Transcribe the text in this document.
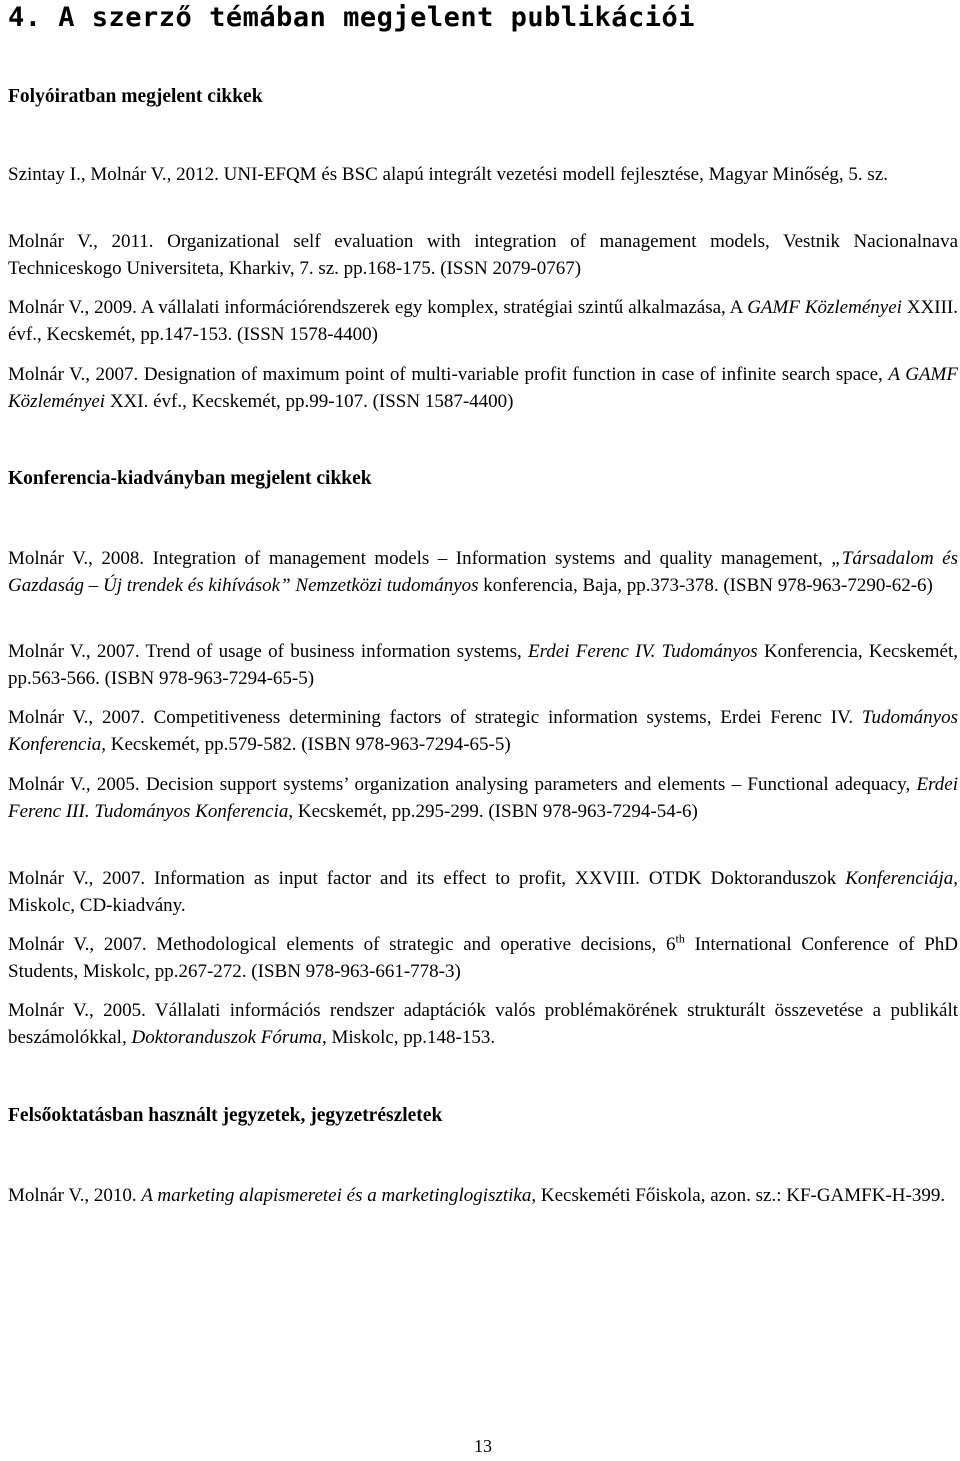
4. A szerző témában megjelent publikációi
Folyóiratban megjelent cikkek
Szintay I., Molnár V., 2012. UNI-EFQM és BSC alapú integrált vezetési modell fejlesztése, Magyar Minőség, 5. sz.
Molnár V., 2011. Organizational self evaluation with integration of management models, Vestnik Nacionalnava Techniceskogo Universiteta, Kharkiv, 7. sz. pp.168-175. (ISSN 2079-0767)
Molnár V., 2009. A vállalati információrendszerek egy komplex, stratégiai szintű alkalmazása, A GAMF Közleményei XXIII. évf., Kecskemét, pp.147-153. (ISSN 1578-4400)
Molnár V., 2007. Designation of maximum point of multi-variable profit function in case of infinite search space, A GAMF Közleményei XXI. évf., Kecskemét, pp.99-107. (ISSN 1587-4400)
Konferencia-kiadványban megjelent cikkek
Molnár V., 2008. Integration of management models – Information systems and quality management, „Társadalom és Gazdaság – Új trendek és kihívások” Nemzetközi tudományos konferencia, Baja, pp.373-378. (ISBN 978-963-7290-62-6)
Molnár V., 2007. Trend of usage of business information systems, Erdei Ferenc IV. Tudományos Konferencia, Kecskemét, pp.563-566. (ISBN 978-963-7294-65-5)
Molnár V., 2007. Competitiveness determining factors of strategic information systems, Erdei Ferenc IV. Tudományos Konferencia, Kecskemét, pp.579-582. (ISBN 978-963-7294-65-5)
Molnár V., 2005. Decision support systems’ organization analysing parameters and elements – Functional adequacy, Erdei Ferenc III. Tudományos Konferencia, Kecskemét, pp.295-299. (ISBN 978-963-7294-54-6)
Molnár V., 2007. Information as input factor and its effect to profit, XXVIII. OTDK Doktoranduszok Konferenciája, Miskolc, CD-kiadvány.
Molnár V., 2007. Methodological elements of strategic and operative decisions, 6th International Conference of PhD Students, Miskolc, pp.267-272. (ISBN 978-963-661-778-3)
Molnár V., 2005. Vállalati információs rendszer adaptációk valós problémakörének strukturált összevetése a publikált beszámolókkal, Doktoranduszok Fóruma, Miskolc, pp.148-153.
Felsőoktatásban használt jegyzetek, jegyzetrészletek
Molnár V., 2010. A marketing alapismeretei és a marketinglogisztika, Kecskeméti Főiskola, azon. sz.: KF-GAMFK-H-399.
13
